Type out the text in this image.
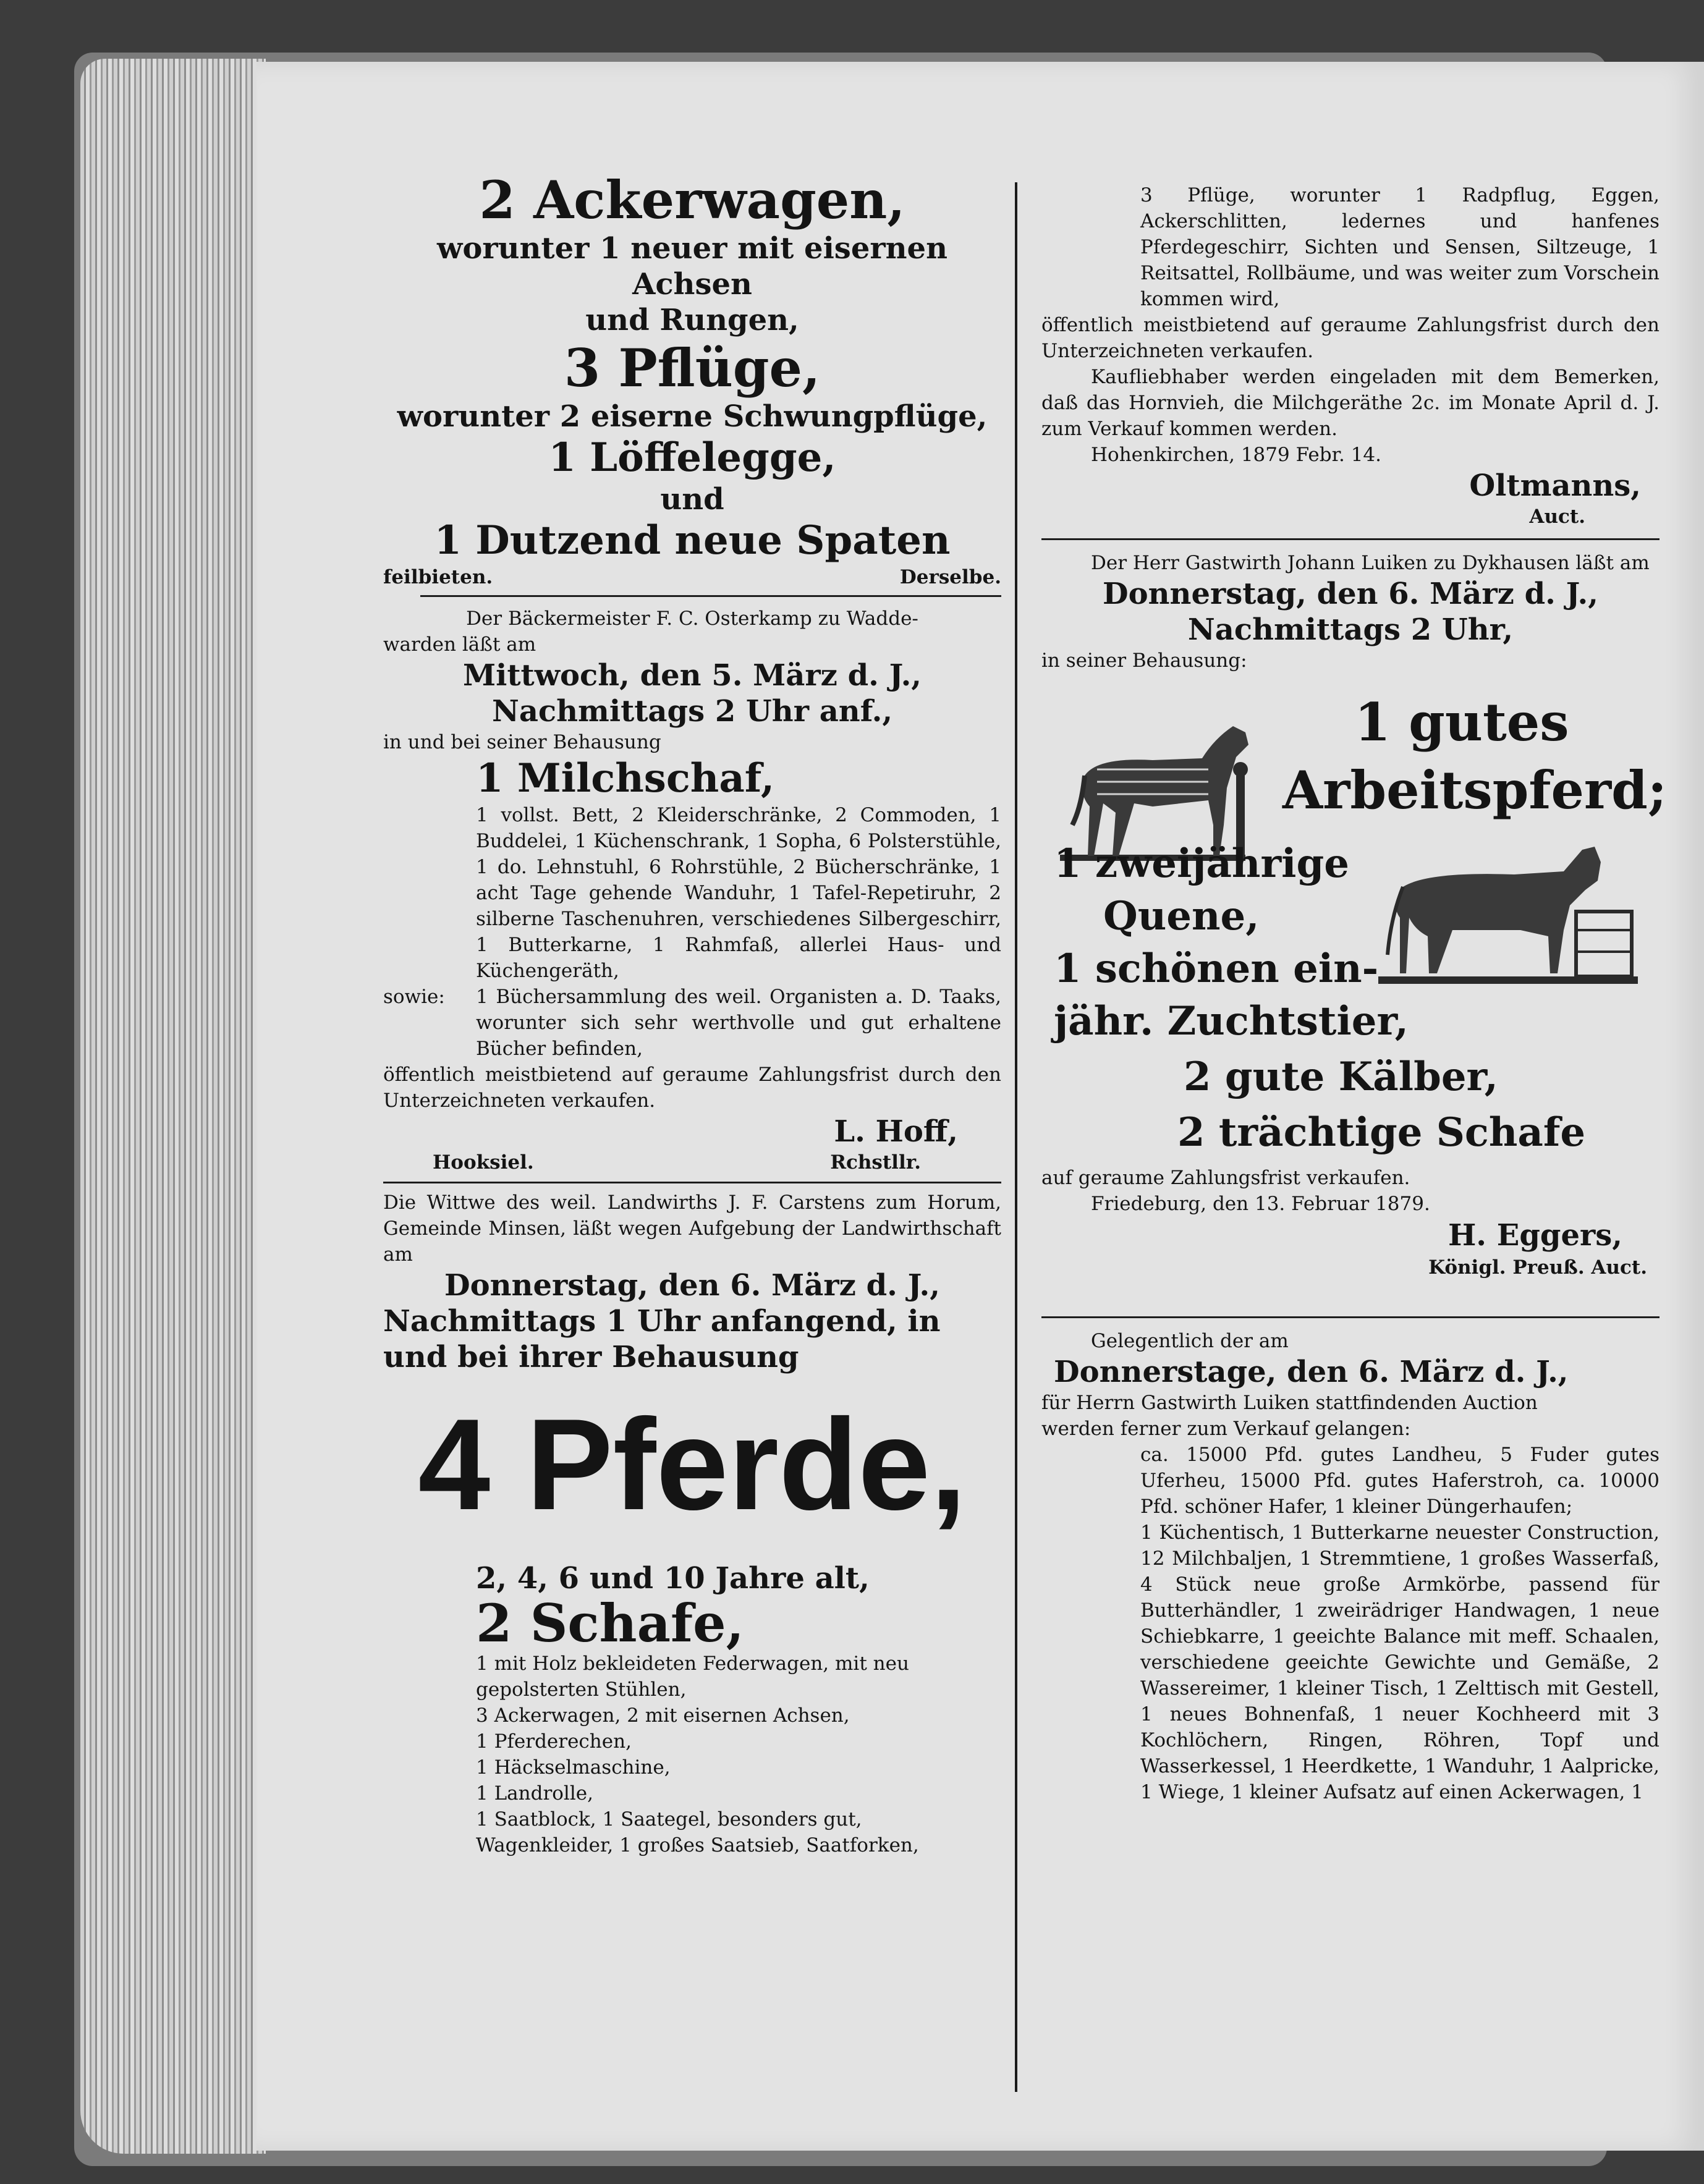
2 Ackerwagen,
worunter 1 neuer mit eisernen Achsen
und Rungen,
3 Pflüge,
worunter 2 eiserne Schwungpflüge,
1 Löffelegge,
und
1 Dutzend neue Spaten
feilbieten.	Derselbe.
Der Bäckermeister F. C. Osterkamp zu Wadde-
warden läßt am
Mittwoch, den 5. März d. J.,
Nachmittags 2 Uhr anf.,
in und bei seiner Behausung
1 Milchschaf,
1 vollst. Bett, 2 Kleiderschränke, 2 Commoden, 1 Buddelei, 1 Küchenschrank, 1 Sopha, 6 Polsterstühle, 1 do. Lehnstuhl, 6 Rohrstühle, 2 Bücherschränke, 1 acht Tage gehende Wanduhr, 1 Tafel-Repetiruhr, 2 silberne Taschenuhren, verschiedenes Silbergeschirr, 1 Butterkarne, 1 Rahmfaß, allerlei Haus- und Küchengeräth,
sowie:	1 Büchersammlung des weil. Organisten a. D. Taaks, worunter sich sehr werthvolle und gut erhaltene Bücher befinden,
öffentlich meistbietend auf geraume Zahlungsfrist durch den Unterzeichneten verkaufen.
L. Hoff,
Hooksiel.	Rchstllr.
Die Wittwe des weil. Landwirths J. F. Carstens zum Horum, Gemeinde Minsen, läßt wegen Aufgebung der Landwirthschaft am
Donnerstag, den 6. März d. J.,
Nachmittags 1 Uhr anfangend, in
und bei ihrer Behausung
4 Pferde,
2, 4, 6 und 10 Jahre alt,
2 Schafe,
1 mit Holz bekleideten Federwagen, mit neu gepolsterten Stühlen,
3 Ackerwagen, 2 mit eisernen Achsen,
1 Pferderechen,
1 Häckselmaschine,
1 Landrolle,
1 Saatblock, 1 Saategel, besonders gut,
Wagenkleider, 1 großes Saatsieb, Saatforken,
3 Pflüge, worunter 1 Radpflug, Eggen, Ackerschlitten, ledernes und hanfenes Pferdegeschirr, Sichten und Sensen, Siltzeuge, 1 Reitsattel, Rollbäume, und was weiter zum Vorschein kommen wird,
öffentlich meistbietend auf geraume Zahlungsfrist durch den Unterzeichneten verkaufen.
Kaufliebhaber werden eingeladen mit dem Bemerken, daß das Hornvieh, die Milchgeräthe 2c. im Monate April d. J. zum Verkauf kommen werden.
Hohenkirchen, 1879 Febr. 14.
Oltmanns,
Auct.
Der Herr Gastwirth Johann Luiken zu Dykhausen läßt am
Donnerstag, den 6. März d. J.,
Nachmittags 2 Uhr,
in seiner Behausung:
1 gutes
Arbeitspferd;
1 zweijährige
Quene,
1 schönen ein-
jähr. Zuchtstier,
2 gute Kälber,
2 trächtige Schafe
auf geraume Zahlungsfrist verkaufen.
Friedeburg, den 13. Februar 1879.
H. Eggers,
Königl. Preuß. Auct.
Gelegentlich der am
Donnerstage, den 6. März d. J.,
für Herrn Gastwirth Luiken stattfindenden Auction
werden ferner zum Verkauf gelangen:
ca. 15000 Pfd. gutes Landheu, 5 Fuder gutes Uferheu, 15000 Pfd. gutes Haferstroh, ca. 10000 Pfd. schöner Hafer, 1 kleiner Düngerhaufen;
1 Küchentisch, 1 Butterkarne neuester Construction, 12 Milchbaljen, 1 Stremmtiene, 1 großes Wasserfaß, 4 Stück neue große Armkörbe, passend für Butterhändler, 1 zweirädriger Handwagen, 1 neue Schiebkarre, 1 geeichte Balance mit meff. Schaalen, verschiedene geeichte Gewichte und Gemäße, 2 Wassereimer, 1 kleiner Tisch, 1 Zelttisch mit Gestell, 1 neues Bohnenfaß, 1 neuer Kochheerd mit 3 Kochlöchern, Ringen, Röhren, Topf und Wasserkessel, 1 Heerdkette, 1 Wanduhr, 1 Aalpricke, 1 Wiege, 1 kleiner Aufsatz auf einen Ackerwagen, 1
